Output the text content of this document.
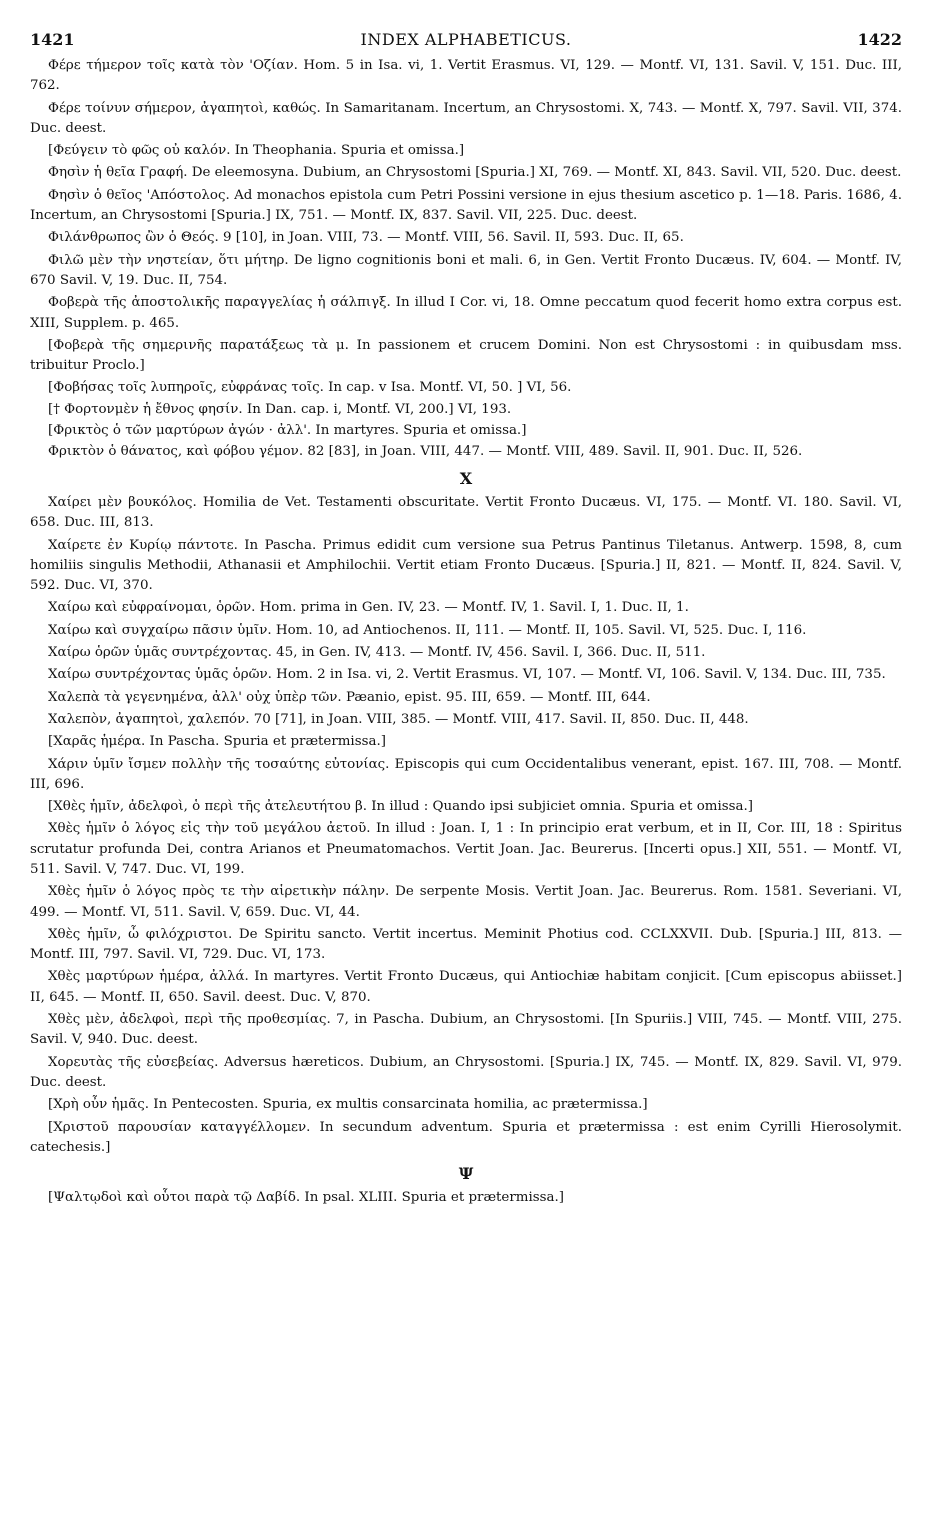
1421	INDEX ALPHABETICUS.	1422

Φέρε τήμερον τοῖς κατὰ τὸν 'Οζίαν. Hom. 5 in Isa. vi, 1. Vertit Erasmus. VI, 129. — Montf. VI, 131. Savil. V, 151. Duc. III, 762.

Φέρε τοίνυν σήμερον, ἀγαπητοὶ, καθώς. In Samaritanam. Incertum, an Chrysostomi. X, 743. — Montf. X, 797. Savil. VII, 374. Duc. deest.

[Φεύγειν τὸ φῶς οὐ καλόν. In Theophania. Spuria et omissa.]

Φησὶν ἡ θεῖα Γραφή. De eleemosyna. Dubium, an Chrysostomi [Spuria.] XI, 769. — Montf. XI, 843. Savil. VII, 520. Duc. deest.

Φησὶν ὁ θεῖος 'Απόστολος. Ad monachos epistola cum Petri Possini versione in ejus thesium ascetico p. 1—18. Paris. 1686, 4. Incertum, an Chrysostomi [Spuria.] IX, 751. — Montf. IX, 837. Savil. VII, 225. Duc. deest.

Φιλάνθρωπος ὢν ὁ Θεός. 9 [10], in Joan. VIII, 73. — Montf. VIII, 56. Savil. II, 593. Duc. II, 65.

Φιλῶ μὲν τὴν νηστείαν, ὅτι μήτηρ. De ligno cognitionis boni et mali. 6, in Gen. Vertit Fronto Ducæus. IV, 604. — Montf. IV, 670 Savil. V, 19. Duc. II, 754.

Φοβερὰ τῆς ἀποστολικῆς παραγγελίας ἡ σάλπιγξ. In illud I Cor. vi, 18. Omne peccatum quod fecerit homo extra corpus est. XIII, Supplem. p. 465.

[Φοβερὰ τῆς σημερινῆς παρατάξεως τὰ μ. In passionem et crucem Domini. Non est Chrysostomi : in quibusdam mss. tribuitur Proclo.]

[Φοβήσας τοῖς λυπηροῖς, εὐφράνας τοῖς. In cap. v Isa. Montf. VI, 50. ] VI, 56.

[† Φορτονμὲν ἡ ἔθνος φησίν. In Dan. cap. i, Montf. VI, 200.] VI, 193.

[Φρικτὸς ὁ τῶν μαρτύρων ἀγών · ἀλλ'. In martyres. Spuria et omissa.]

Φρικτὸν ὁ θάνατος, καὶ φόβου γέμον. 82 [83], in Joan. VIII, 447. — Montf. VIII, 489. Savil. II, 901. Duc. II, 526.

X

Χαίρει μὲν βουκόλος. Homilia de Vet. Testamenti obscuritate. Vertit Fronto Ducæus. VI, 175. — Montf. VI. 180. Savil. VI, 658. Duc. III, 813.

Χαίρετε ἐν Κυρίῳ πάντοτε. In Pascha. Primus edidit cum versione sua Petrus Pantinus Tiletanus. Antwerp. 1598, 8, cum homiliis singulis Methodii, Athanasii et Amphilochii. Vertit etiam Fronto Ducæus. [Spuria.] II, 821. — Montf. II, 824. Savil. V, 592. Duc. VI, 370.

Χαίρω καὶ εὐφραίνομαι, ὁρῶν. Hom. prima in Gen. IV, 23. — Montf. IV, 1. Savil. I, 1. Duc. II, 1.

Χαίρω καὶ συγχαίρω πᾶσιν ὑμῖν. Hom. 10, ad Antiochenos. II, 111. — Montf. II, 105. Savil. VI, 525. Duc. I, 116.

Χαίρω ὁρῶν ὑμᾶς συντρέχοντας. 45, in Gen. IV, 413. — Montf. IV, 456. Savil. I, 366. Duc. II, 511.

Χαίρω συντρέχοντας ὑμᾶς ὁρῶν. Hom. 2 in Isa. vi, 2. Vertit Erasmus. VI, 107. — Montf. VI, 106. Savil. V, 134. Duc. III, 735.

Χαλεπὰ τὰ γεγενημένα, ἀλλ' οὐχ ὑπὲρ τῶν. Pæanio, epist. 95. III, 659. — Montf. III, 644.

Χαλεπὸν, ἀγαπητοὶ, χαλεπόν. 70 [71], in Joan. VIII, 385. — Montf. VIII, 417. Savil. II, 850. Duc. II, 448.

[Χαρᾶς ἡμέρα. In Pascha. Spuria et prætermissa.]

Χάριν ὑμῖν ἴσμεν πολλὴν τῆς τοσαύτης εὐτονίας. Episcopis qui cum Occidentalibus venerant, epist. 167. III, 708. — Montf. III, 696.

[Χθὲς ἡμῖν, ἀδελφοὶ, ὁ περὶ τῆς ἀτελευτήτου β. In illud : Quando ipsi subjiciet omnia. Spuria et omissa.]

Χθὲς ἡμῖν ὁ λόγος εἰς τὴν τοῦ μεγάλου ἀετοῦ. In illud : Joan. I, 1 : In principio erat verbum, et in II, Cor. III, 18 : Spiritus scrutatur profunda Dei, contra Arianos et Pneumatomachos. Vertit Joan. Jac. Beurerus. [Incerti opus.] XII, 551. — Montf. VI, 511. Savil. V, 747. Duc. VI, 199.

Χθὲς ἡμῖν ὁ λόγος πρὸς τε τὴν αἱρετικὴν πάλην. De serpente Mosis. Vertit Joan. Jac. Beurerus. Rom. 1581. Severiani. VI, 499. — Montf. VI, 511. Savil. V, 659. Duc. VI, 44.

Χθὲς ἡμῖν, ὦ φιλόχριστοι. De Spiritu sancto. Vertit incertus. Meminit Photius cod. CCLXXVII. Dub. [Spuria.] III, 813. — Montf. III, 797. Savil. VI, 729. Duc. VI, 173.

Χθὲς μαρτύρων ἡμέρα, ἀλλά. In martyres. Vertit Fronto Ducæus, qui Antiochiæ habitam conjicit. [Cum episcopus abiisset.] II, 645. — Montf. II, 650. Savil. deest. Duc. V, 870.

Χθὲς μὲν, ἀδελφοὶ, περὶ τῆς προθεσμίας. 7, in Pascha. Dubium, an Chrysostomi. [In Spuriis.] VIII, 745. — Montf. VIII, 275. Savil. V, 940. Duc. deest.

Χορευτὰς τῆς εὐσεβείας. Adversus hæreticos. Dubium, an Chrysostomi. [Spuria.] IX, 745. — Montf. IX, 829. Savil. VI, 979. Duc. deest.

[Χρὴ οὖν ἡμᾶς. In Pentecosten. Spuria, ex multis consarcinata homilia, ac prætermissa.]

[Χριστοῦ παρουσίαν καταγγέλλομεν. In secundum adventum. Spuria et prætermissa : est enim Cyrilli Hierosolymit. catechesis.]

Ψ

[Ψαλτῳδοὶ καὶ οὗτοι παρὰ τῷ Δαβίδ. In psal. XLIII. Spuria et prætermissa.]
